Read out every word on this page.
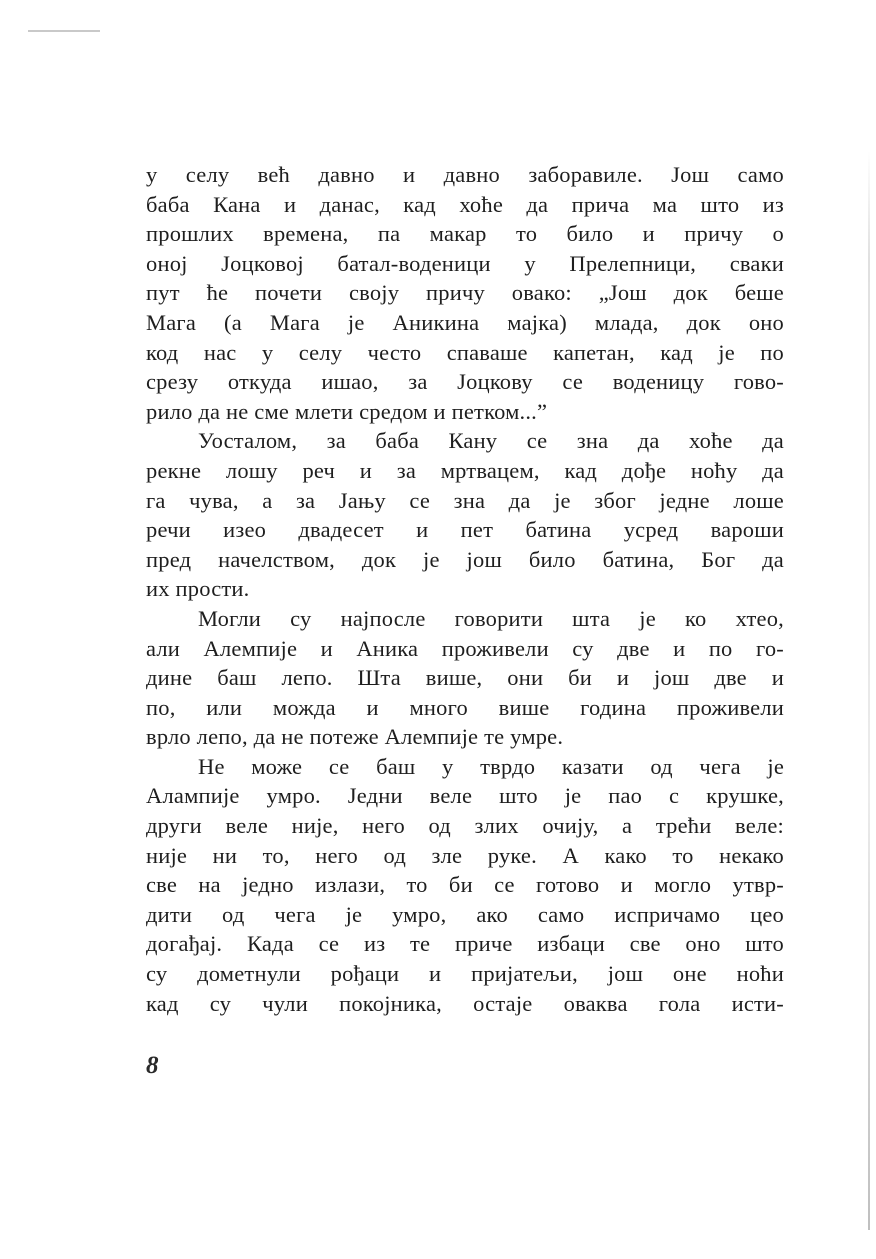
у селу већ давно и давно заборавиле. Још само
баба Кана и данас, кад хоће да прича ма што из
прошлих времена, па макар то било и причу о
оној Јоцковој батал-воденици у Прелепници, сваки
пут ће почети своју причу овако: „Још док беше
Мага (а Мага је Аникина мајка) млада, док оно
код нас у селу често спаваше капетан, кад је по
срезу откуда ишао, за Јоцкову се воденицу гово-
рило да не сме млети средом и петком...”
Уосталом, за баба Кану се зна да хоће да
рекне лошу реч и за мртвацем, кад дође ноћу да
га чува, а за Јању се зна да је због једне лоше
речи изео двадесет и пет батина усред вароши
пред начелством, док је још било батина, Бог да
их прости.
Могли су најпосле говорити шта је ко хтео,
али Алемпије и Аника проживели су две и по го-
дине баш лепо. Шта више, они би и још две и
по, или можда и много више година проживели
врло лепо, да не потеже Алемпије те умре.
Не може се баш у тврдо казати од чега је
Алампије умро. Једни веле што је пао с крушке,
други веле није, него од злих очију, а трећи веле:
није ни то, него од зле руке. А како то некако
све на једно излази, то би се готово и могло утвр-
дити од чега је умро, ако само испричамо цео
догађај. Када се из те приче избаци све оно што
су дометнули рођаци и пријатељи, још оне ноћи
кад су чули покојника, остаје оваква гола исти-
8
